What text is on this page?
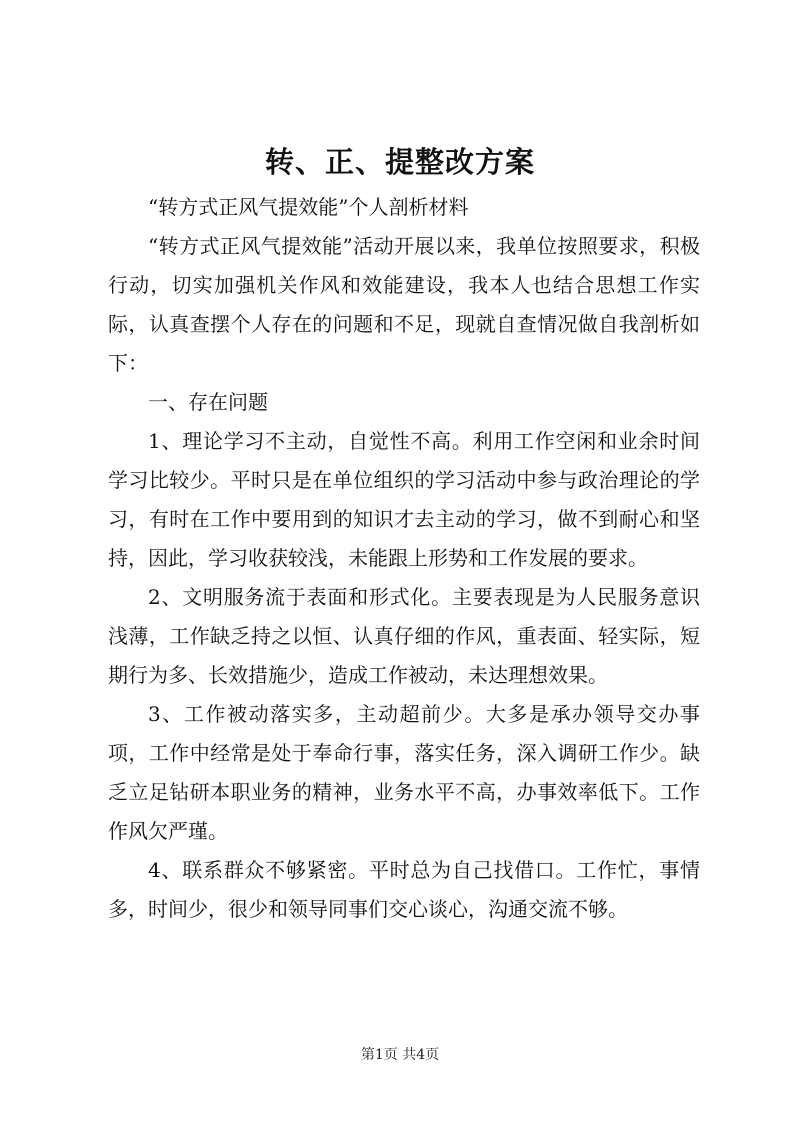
转、正、提整改方案

“转方式正风气提效能”个人剖析材料

“转方式正风气提效能”活动开展以来，我单位按照要求，积极行动，切实加强机关作风和效能建设，我本人也结合思想工作实际，认真查摆个人存在的问题和不足，现就自查情况做自我剖析如下：

一、存在问题

1、理论学习不主动，自觉性不高。利用工作空闲和业余时间学习比较少。平时只是在单位组织的学习活动中参与政治理论的学习，有时在工作中要用到的知识才去主动的学习，做不到耐心和坚持，因此，学习收获较浅，未能跟上形势和工作发展的要求。

2、文明服务流于表面和形式化。主要表现是为人民服务意识浅薄，工作缺乏持之以恒、认真仔细的作风，重表面、轻实际，短期行为多、长效措施少，造成工作被动，未达理想效果。

3、工作被动落实多，主动超前少。大多是承办领导交办事项，工作中经常是处于奉命行事，落实任务，深入调研工作少。缺乏立足钻研本职业务的精神，业务水平不高，办事效率低下。工作作风欠严瑾。

4、联系群众不够紧密。平时总为自己找借口。工作忙，事情多，时间少，很少和领导同事们交心谈心，沟通交流不够。

第1页 共4页
